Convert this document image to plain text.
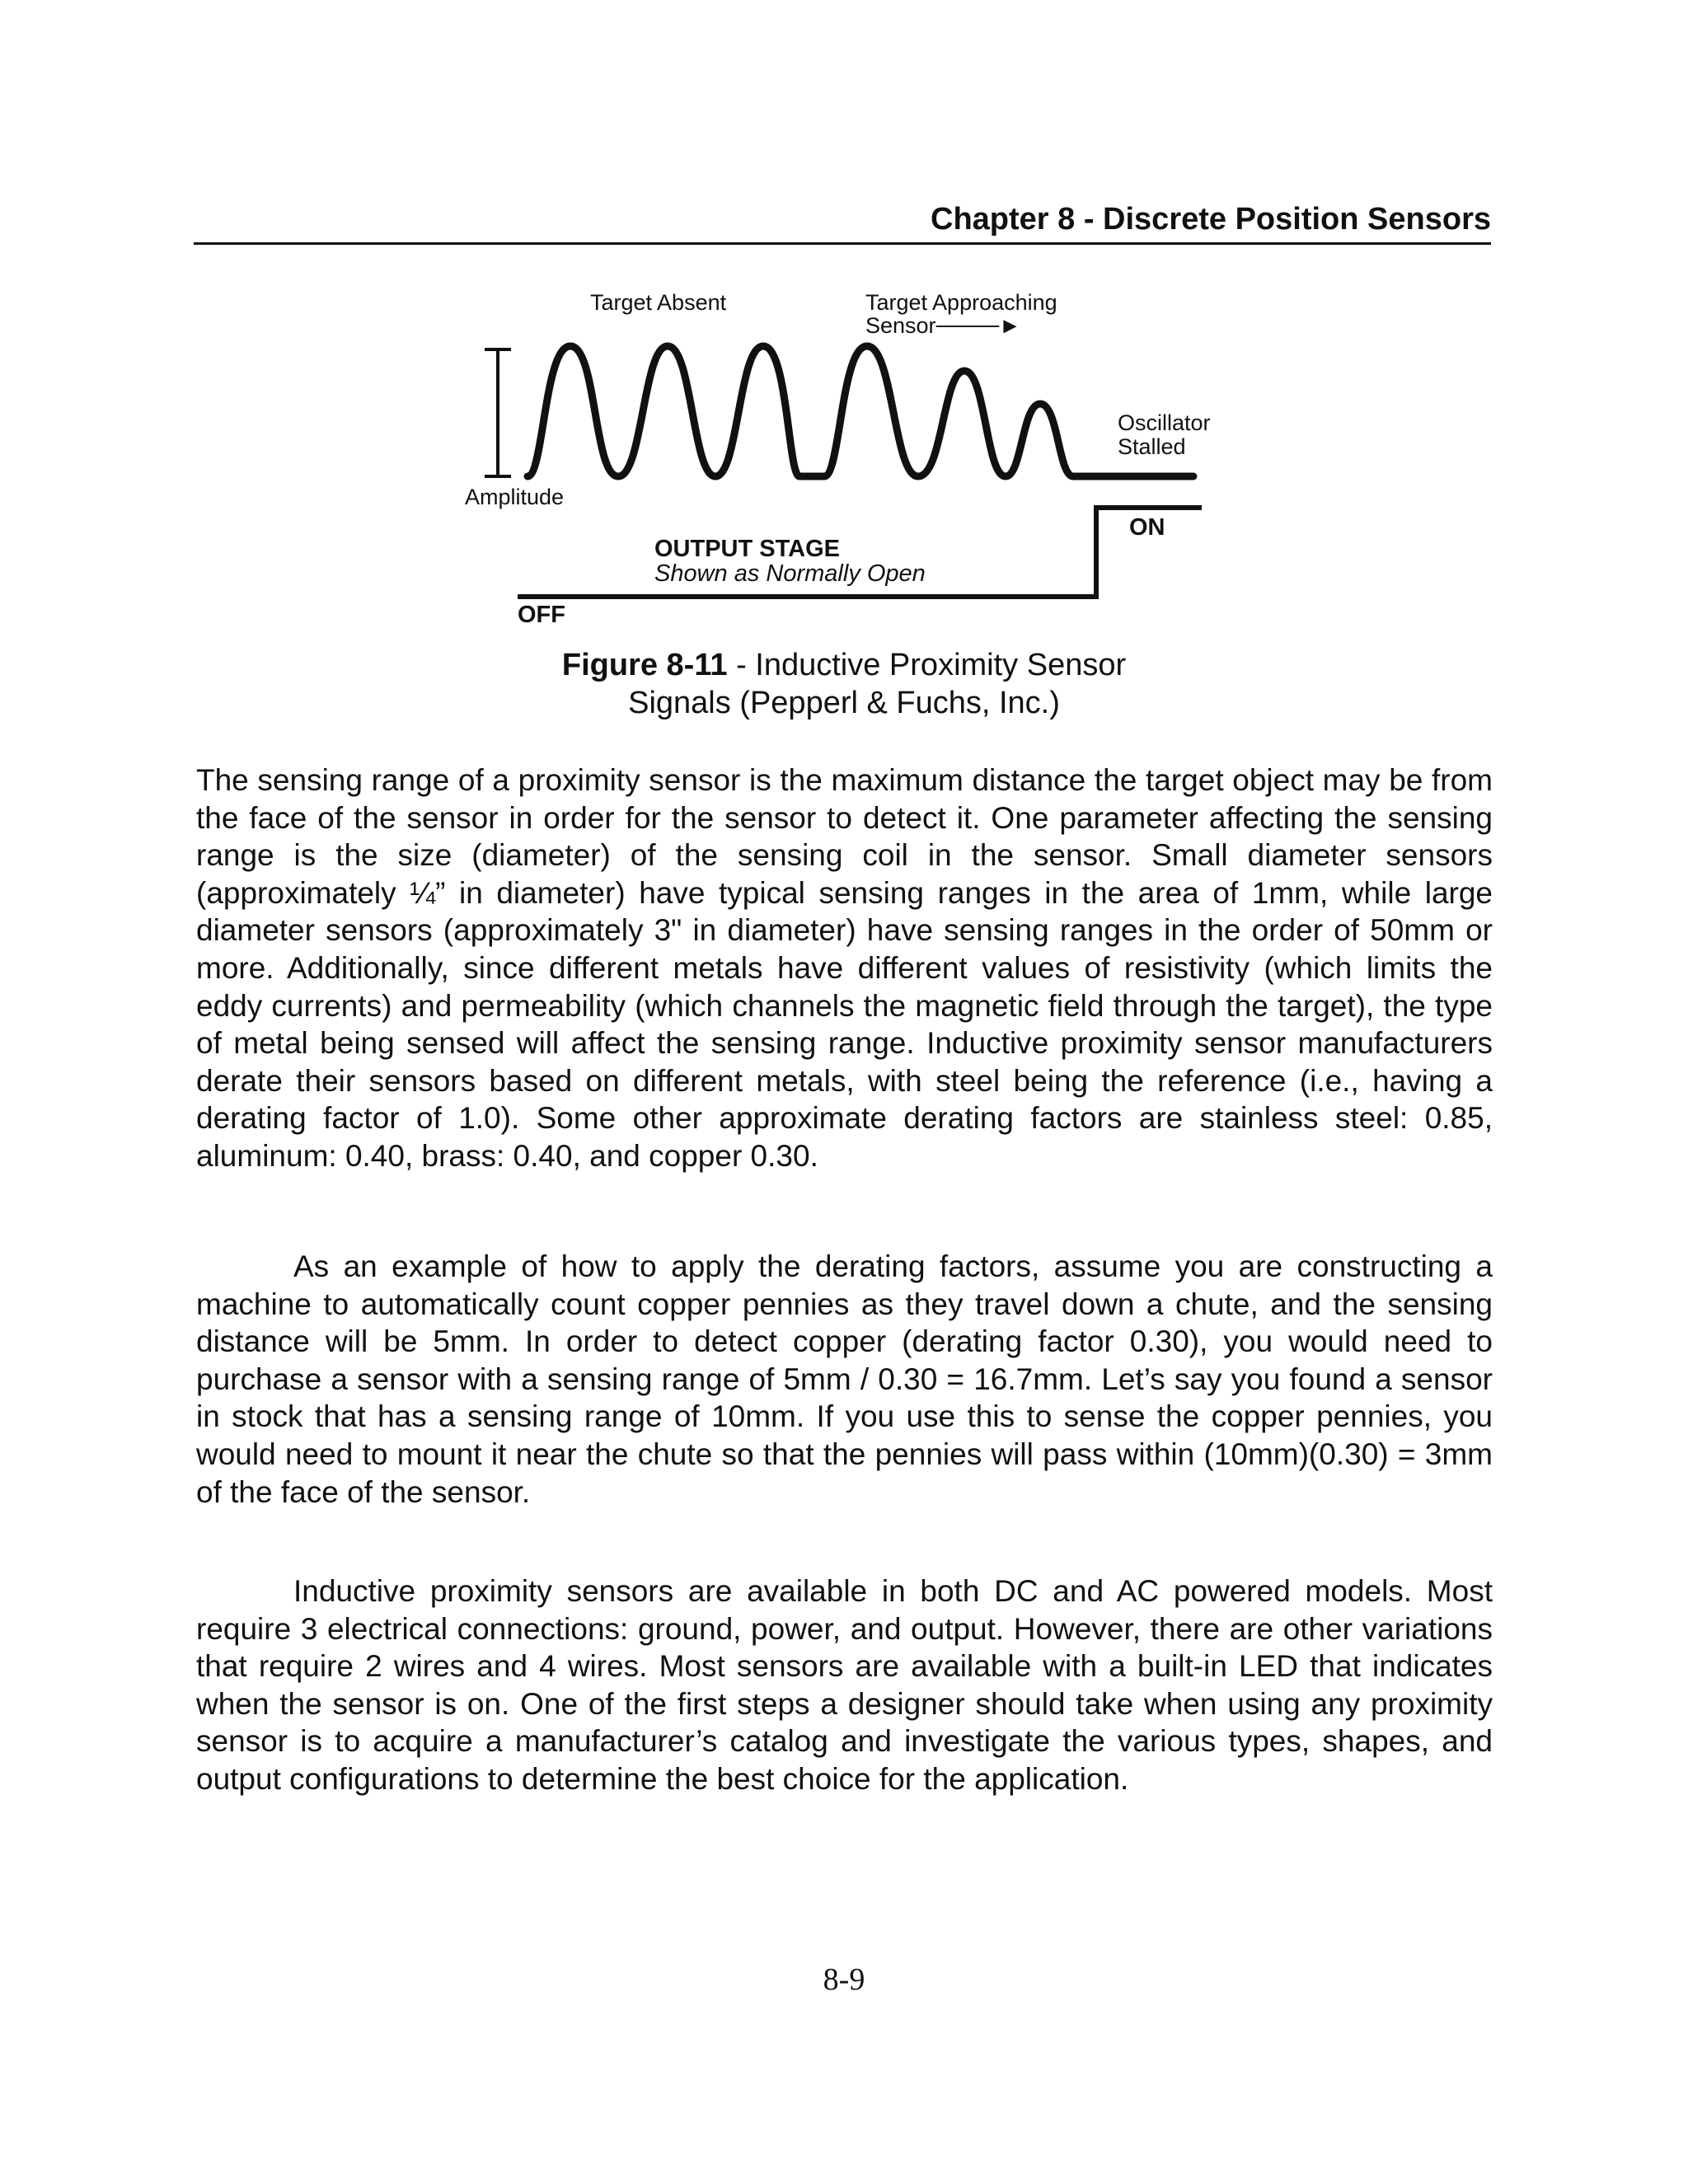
Chapter 8 - Discrete Position Sensors
Target Absent	Target Approaching
Sensor────►
Oscillator
Stalled
Amplitude
ON
OUTPUT STAGE
Shown as Normally Open
OFF
Figure 8-11 - Inductive Proximity Sensor
Signals (Pepperl & Fuchs, Inc.)

The sensing range of a proximity sensor is the maximum distance the target object may be from the face of the sensor in order for the sensor to detect it. One parameter affecting the sensing range is the size (diameter) of the sensing coil in the sensor. Small diameter sensors (approximately ¼” in diameter) have typical sensing ranges in the area of 1mm, while large diameter sensors (approximately 3" in diameter) have sensing ranges in the order of 50mm or more. Additionally, since different metals have different values of resistivity (which limits the eddy currents) and permeability (which channels the magnetic field through the target), the type of metal being sensed will affect the sensing range. Inductive proximity sensor manufacturers derate their sensors based on different metals, with steel being the reference (i.e., having a derating factor of 1.0). Some other approximate derating factors are stainless steel: 0.85, aluminum: 0.40, brass: 0.40, and copper 0.30.

As an example of how to apply the derating factors, assume you are constructing a machine to automatically count copper pennies as they travel down a chute, and the sensing distance will be 5mm. In order to detect copper (derating factor 0.30), you would need to purchase a sensor with a sensing range of 5mm / 0.30 = 16.7mm. Let’s say you found a sensor in stock that has a sensing range of 10mm. If you use this to sense the copper pennies, you would need to mount it near the chute so that the pennies will pass within (10mm)(0.30) = 3mm of the face of the sensor.

Inductive proximity sensors are available in both DC and AC powered models. Most require 3 electrical connections: ground, power, and output. However, there are other variations that require 2 wires and 4 wires. Most sensors are available with a built-in LED that indicates when the sensor is on. One of the first steps a designer should take when using any proximity sensor is to acquire a manufacturer’s catalog and investigate the various types, shapes, and output configurations to determine the best choice for the application.

8-9
